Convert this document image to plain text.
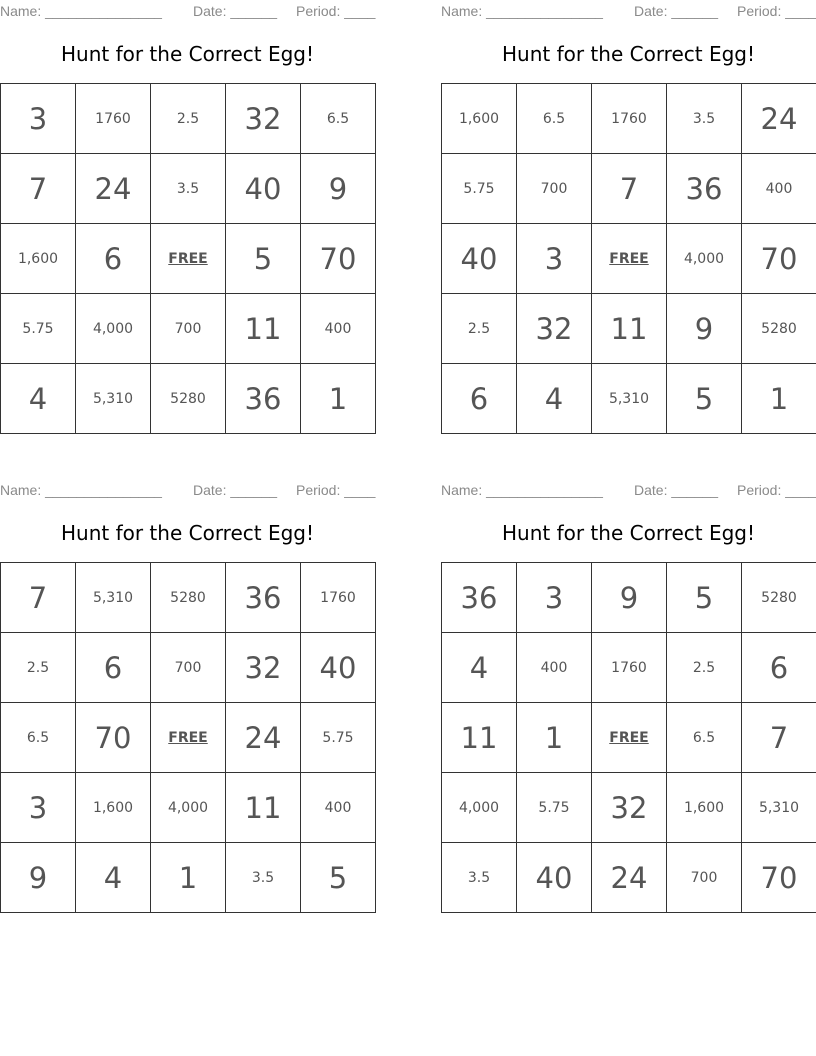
Name: _______________ Date: ______ Period: ____
Hunt for the Correct Egg!
3	1760	2.5	32	6.5
7	24	3.5	40	9
1,600	6	FREE	5	70
5.75	4,000	700	11	400
4	5,310	5280	36	1
Name: _______________ Date: ______ Period: ____
Hunt for the Correct Egg!
1,600	6.5	1760	3.5	24
5.75	700	7	36	400
40	3	FREE	4,000	70
2.5	32	11	9	5280
6	4	5,310	5	1
Name: _______________ Date: ______ Period: ____
Hunt for the Correct Egg!
7	5,310	5280	36	1760
2.5	6	700	32	40
6.5	70	FREE	24	5.75
3	1,600	4,000	11	400
9	4	1	3.5	5
Name: _______________ Date: ______ Period: ____
Hunt for the Correct Egg!
36	3	9	5	5280
4	400	1760	2.5	6
11	1	FREE	6.5	7
4,000	5.75	32	1,600	5,310
3.5	40	24	700	70
